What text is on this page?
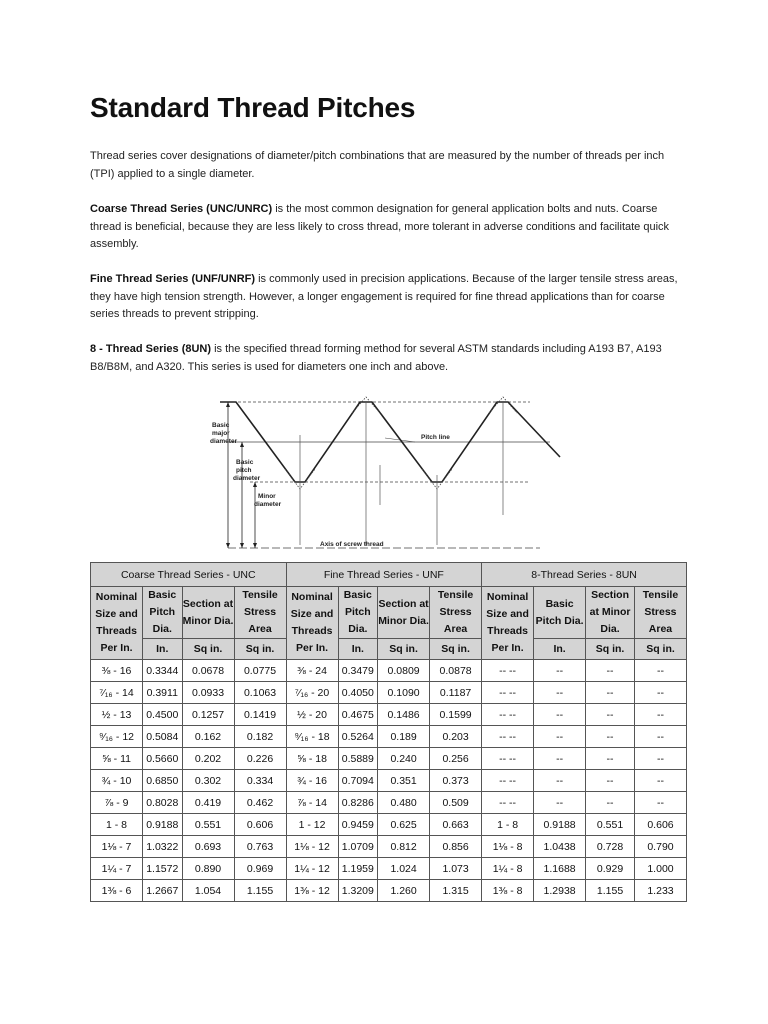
Standard Thread Pitches

Thread series cover designations of diameter/pitch combinations that are measured by the number of threads per inch (TPI) applied to a single diameter.

Coarse Thread Series (UNC/UNRC) is the most common designation for general application bolts and nuts. Coarse thread is beneficial, because they are less likely to cross thread, more tolerant in adverse conditions and facilitate quick assembly.

Fine Thread Series (UNF/UNRF) is commonly used in precision applications. Because of the larger tensile stress areas, they have high tension strength. However, a longer engagement is required for fine thread applications than for coarse series threads to prevent stripping.

8 - Thread Series (8UN) is the specified thread forming method for several ASTM standards including A193 B7, A193 B8/B8M, and A320. This series is used for diameters one inch and above.

Basic
major
diameter
Basic
pitch
diameter
Minor
diameter
Pitch line
Axis of screw thread
Coarse Thread Series - UNC				Fine Thread Series - UNF				8-Thread Series - 8UN			
Nominal Size and Threads Per In.	Basic Pitch Dia.	Section at Minor Dia.	Tensile Stress Area	Nominal Size and Threads Per In.	Basic Pitch Dia.	Section at Minor Dia.	Tensile Stress Area	Nominal Size and Threads Per In.	Basic Pitch Dia.	Section at Minor Dia.	Tensile Stress Area
	In.	Sq in.	Sq in.		In.	Sq in.	Sq in.		In.	Sq in.	Sq in.
⅜ - 16	0.3344	0.0678	0.0775	⅜ - 24	0.3479	0.0809	0.0878	-- --	--	--	--
⁷⁄₁₆ - 14	0.3911	0.0933	0.1063	⁷⁄₁₆ - 20	0.4050	0.1090	0.1187	-- --	--	--	--
½ - 13	0.4500	0.1257	0.1419	½ - 20	0.4675	0.1486	0.1599	-- --	--	--	--
⁹⁄₁₆ - 12	0.5084	0.162	0.182	⁹⁄₁₆ - 18	0.5264	0.189	0.203	-- --	--	--	--
⅝ - 11	0.5660	0.202	0.226	⅝ - 18	0.5889	0.240	0.256	-- --	--	--	--
¾ - 10	0.6850	0.302	0.334	¾ - 16	0.7094	0.351	0.373	-- --	--	--	--
⅞ - 9	0.8028	0.419	0.462	⅞ - 14	0.8286	0.480	0.509	-- --	--	--	--
1 - 8	0.9188	0.551	0.606	1 - 12	0.9459	0.625	0.663	1 - 8	0.9188	0.551	0.606
1⅛ - 7	1.0322	0.693	0.763	1⅛ - 12	1.0709	0.812	0.856	1⅛ - 8	1.0438	0.728	0.790
1¼ - 7	1.1572	0.890	0.969	1¼ - 12	1.1959	1.024	1.073	1¼ - 8	1.1688	0.929	1.000
1⅜ - 6	1.2667	1.054	1.155	1⅜ - 12	1.3209	1.260	1.315	1⅜ - 8	1.2938	1.155	1.233
